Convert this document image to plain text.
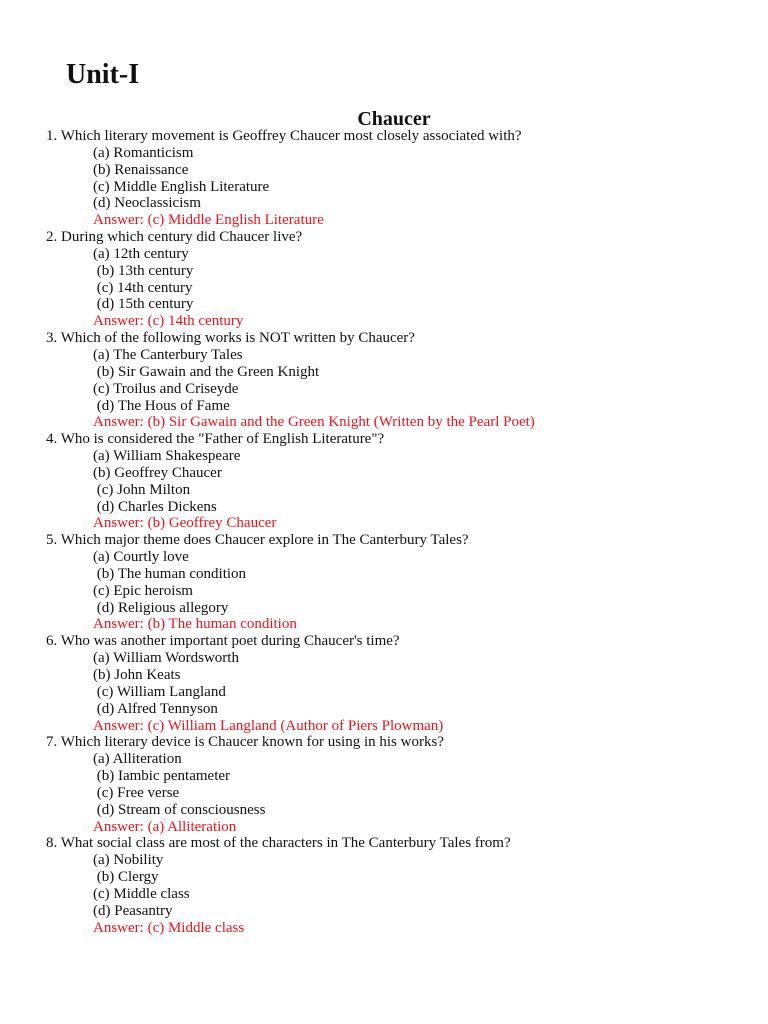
Unit-I
Chaucer
1. Which literary movement is Geoffrey Chaucer most closely associated with?
(a) Romanticism
(b) Renaissance
(c) Middle English Literature
(d) Neoclassicism
Answer: (c) Middle English Literature
2. During which century did Chaucer live?
(a) 12th century
(b) 13th century
(c) 14th century
(d) 15th century
Answer: (c) 14th century
3. Which of the following works is NOT written by Chaucer?
(a) The Canterbury Tales
(b) Sir Gawain and the Green Knight
(c) Troilus and Criseyde
(d) The Hous of Fame
Answer: (b) Sir Gawain and the Green Knight (Written by the Pearl Poet)
4. Who is considered the "Father of English Literature"?
(a) William Shakespeare
(b) Geoffrey Chaucer
(c) John Milton
(d) Charles Dickens
Answer: (b) Geoffrey Chaucer
5. Which major theme does Chaucer explore in The Canterbury Tales?
(a) Courtly love
(b) The human condition
(c) Epic heroism
(d) Religious allegory
Answer: (b) The human condition
6. Who was another important poet during Chaucer's time?
(a) William Wordsworth
(b) John Keats
(c) William Langland
(d) Alfred Tennyson
Answer: (c) William Langland (Author of Piers Plowman)
7. Which literary device is Chaucer known for using in his works?
(a) Alliteration
(b) Iambic pentameter
(c) Free verse
(d) Stream of consciousness
Answer: (a) Alliteration
8. What social class are most of the characters in The Canterbury Tales from?
(a) Nobility
(b) Clergy
(c) Middle class
(d) Peasantry
Answer: (c) Middle class
